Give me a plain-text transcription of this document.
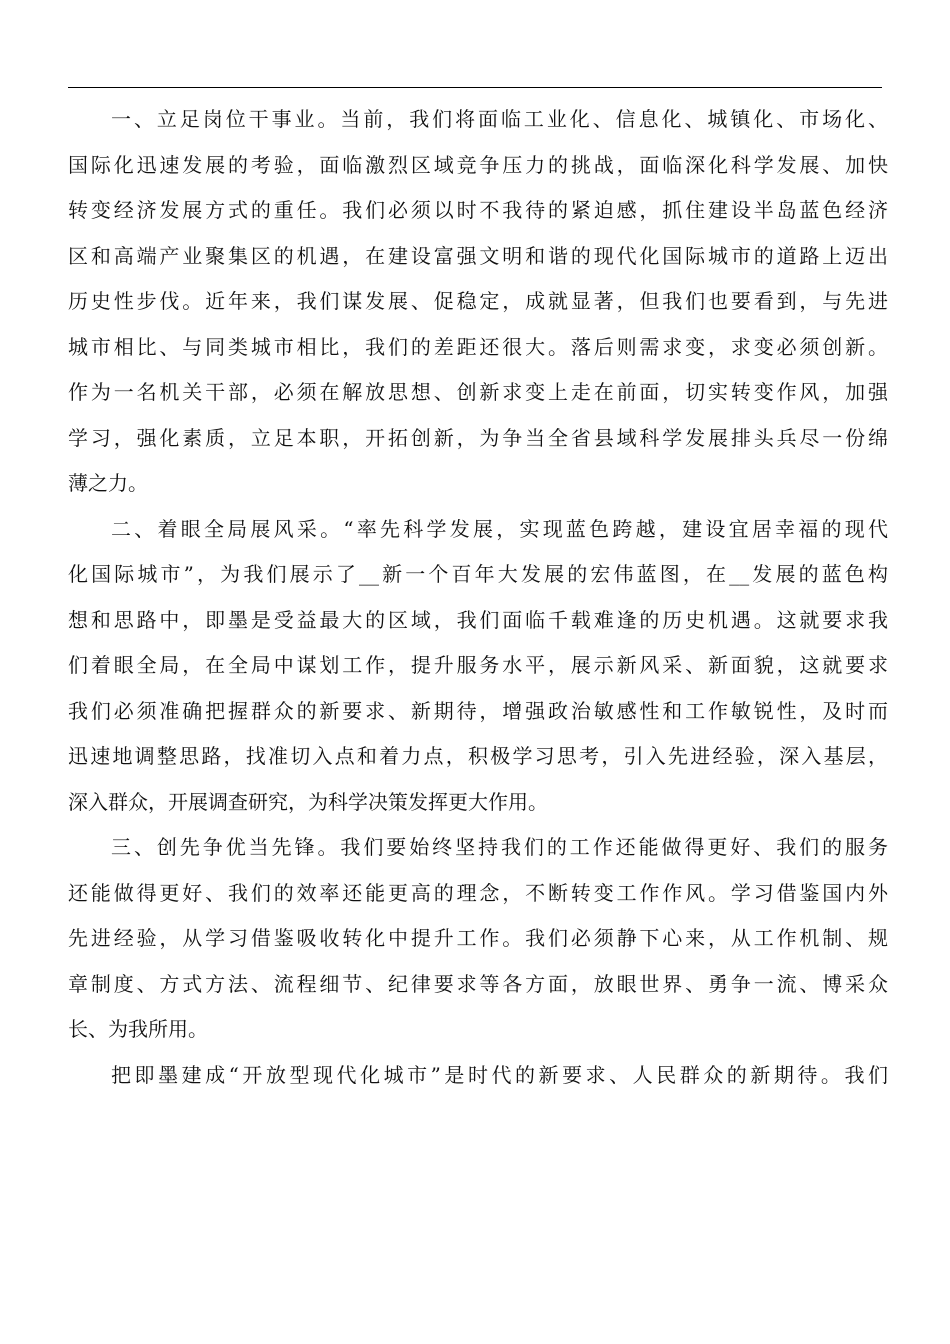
一、立足岗位干事业。当前，我们将面临工业化、信息化、城镇化、市场化、
国际化迅速发展的考验，面临激烈区域竞争压力的挑战，面临深化科学发展、加快
转变经济发展方式的重任。我们必须以时不我待的紧迫感，抓住建设半岛蓝色经济
区和高端产业聚集区的机遇，在建设富强文明和谐的现代化国际城市的道路上迈出
历史性步伐。近年来，我们谋发展、促稳定，成就显著，但我们也要看到，与先进
城市相比、与同类城市相比，我们的差距还很大。落后则需求变，求变必须创新。
作为一名机关干部，必须在解放思想、创新求变上走在前面，切实转变作风，加强
学习，强化素质，立足本职，开拓创新，为争当全省县域科学发展排头兵尽一份绵
薄之力。
二、着眼全局展风采。“率先科学发展，实现蓝色跨越，建设宜居幸福的现代
化国际城市”，为我们展示了__新一个百年大发展的宏伟蓝图，在__发展的蓝色构
想和思路中，即墨是受益最大的区域，我们面临千载难逢的历史机遇。这就要求我
们着眼全局，在全局中谋划工作，提升服务水平，展示新风采、新面貌，这就要求
我们必须准确把握群众的新要求、新期待，增强政治敏感性和工作敏锐性，及时而
迅速地调整思路，找准切入点和着力点，积极学习思考，引入先进经验，深入基层，
深入群众，开展调查研究，为科学决策发挥更大作用。
三、创先争优当先锋。我们要始终坚持我们的工作还能做得更好、我们的服务
还能做得更好、我们的效率还能更高的理念，不断转变工作作风。学习借鉴国内外
先进经验，从学习借鉴吸收转化中提升工作。我们必须静下心来，从工作机制、规
章制度、方式方法、流程细节、纪律要求等各方面，放眼世界、勇争一流、博采众
长、为我所用。
把即墨建成“开放型现代化城市”是时代的新要求、人民群众的新期待。我们
